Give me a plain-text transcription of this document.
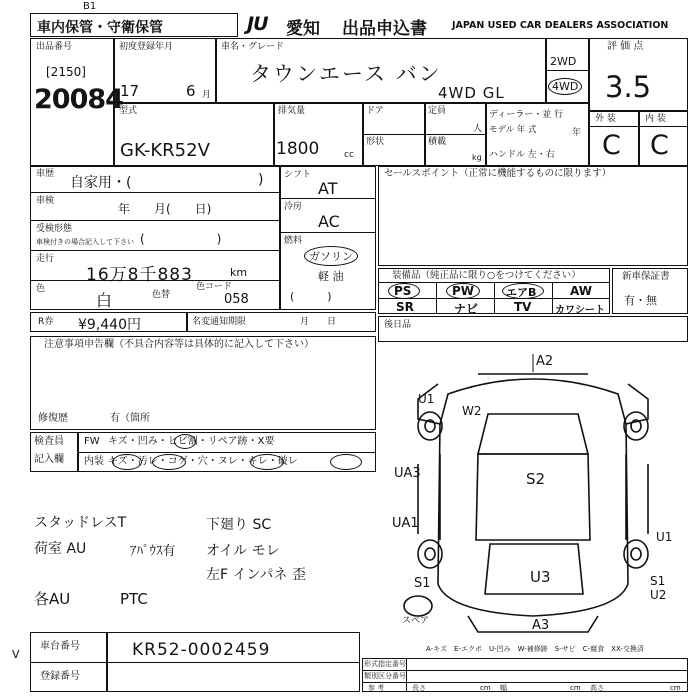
B1
車内保管・守衛保管	JU 愛知 出品申込書	JAPAN USED CAR DEALERS ASSOCIATION
出品番号
[2150]
20084
初度登録年月
17	6 月
車名・グレード
タウンエース バン
4WD GL
2WD
4WD
評 価 点
3.5
型式
GK-KR52V
排気量
1800	cc
ドア
形状
定員
人
積載
kg
ディーラー・並 行
モデル 年 式	年
ハンドル 左・右
外 装	内 装
C C
車歴
自家用・(	)
車検
年　　月(　　日)
受検形態
車検付きの場合記入して下さい (　　　　　　)
走行
16万8千883	km
色
白	色替
色コード
058
シフト
AT
冷房
AC
燃料
ガソリン
軽 油
(　　　)
R券 ¥9,440円	名変通知期限	月　　日
注意事項申告欄（不具合内容等は具体的に記入して下さい）
修復歴	有（箇所
検査員
記入欄
FW キズ・凹み・ヒビ割・リペア跡・X要
内装 キズ・汚レ・コゲ・穴・ヌレ・キレ・破レ
スタッドレスT	下廻り SC
荷室 AU	ｱﾊﾟｳｽ有 オイル モレ
左F インパネ 歪
各AU	PTC
セールスポイント（正常に機能するものに限ります）
装備品（純正品に限り○をつけてください）
PS	PW	エアB	AW
SR	ナビ	TV カワシート
新車保証書
有・無
後日品
A2
U1
W2
UA3
UA1
S2
S1	U3
U1
S1
U2
A3
スペア
A-キズ　E-エクボ　U-凹み　W-補修跡　S-サビ　C-腐食　XX-交換済
車台番号	KR52-0002459
登録番号
V
形式指定番号
類別区分番号
参 考	長さ	cm 幅	cm 高さ	cm
